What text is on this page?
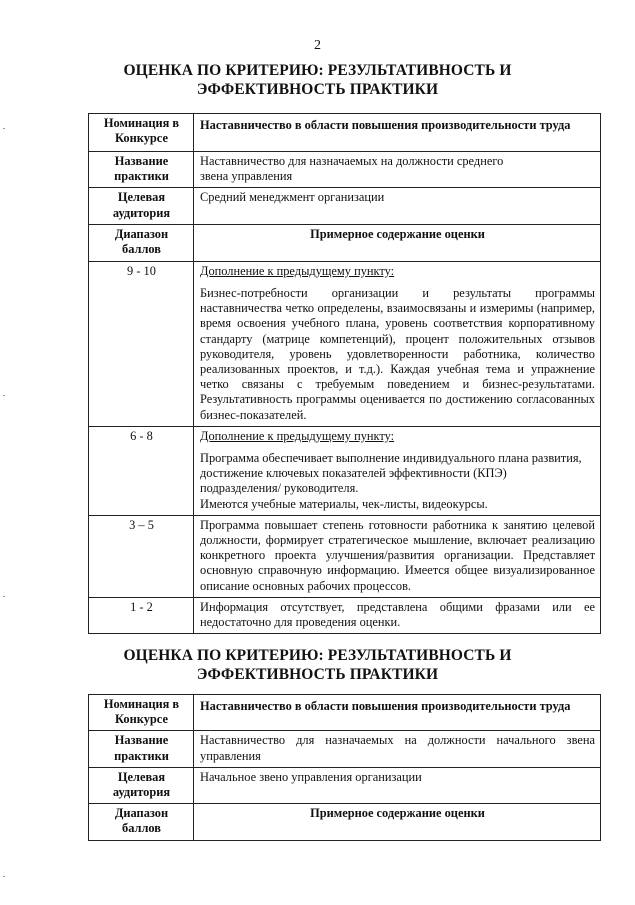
2
ОЦЕНКА ПО КРИТЕРИЮ: РЕЗУЛЬТАТИВНОСТЬ И
ЭФФЕКТИВНОСТЬ ПРАКТИКИ
Номинация в Конкурсе	Наставничество в области повышения производительности труда
Название практики	Наставничество для назначаемых на должности среднего
звена управления

Целевая аудитория	Средний менеджмент организации
Диапазон баллов	Примерное содержание оценки
9 - 10	Дополнение к предыдущему пункту:
Бизнес-потребности организации и результаты программы наставничества четко определены, взаимосвязаны и измеримы (например, время освоения учебного плана, уровень соответствия корпоративному стандарту (матрице компетенций), процент положительных отзывов руководителя, уровень удовлетворенности работника, количество реализованных проектов, и т.д.). Каждая учебная тема и упражнение четко связаны с требуемым поведением и бизнес-результатами. Результативность программы оценивается по достижению согласованных бизнес-показателей.

6 - 8	Дополнение к предыдущему пункту:
Программа обеспечивает выполнение индивидуального плана развития,
достижение ключевых показателей эффективности (КПЭ)
подразделения/ руководителя.
Имеются учебные материалы, чек-листы, видеокурсы.

3 – 5	Программа повышает степень готовности работника к занятию целевой должности, формирует стратегическое мышление, включает реализацию конкретного проекта улучшения/развития организации. Представляет основную справочную информацию. Имеется общее визуализированное описание основных рабочих процессов.
1 - 2	Информация отсутствует, представлена общими фразами или ее недостаточно для проведения оценки.
ОЦЕНКА ПО КРИТЕРИЮ: РЕЗУЛЬТАТИВНОСТЬ И
ЭФФЕКТИВНОСТЬ ПРАКТИКИ
Номинация в Конкурсе	Наставничество в области повышения производительности труда
Название практики	Наставничество для назначаемых на должности начального звена управления
Целевая аудитория	Начальное звено управления организации
Диапазон баллов	Примерное содержание оценки
